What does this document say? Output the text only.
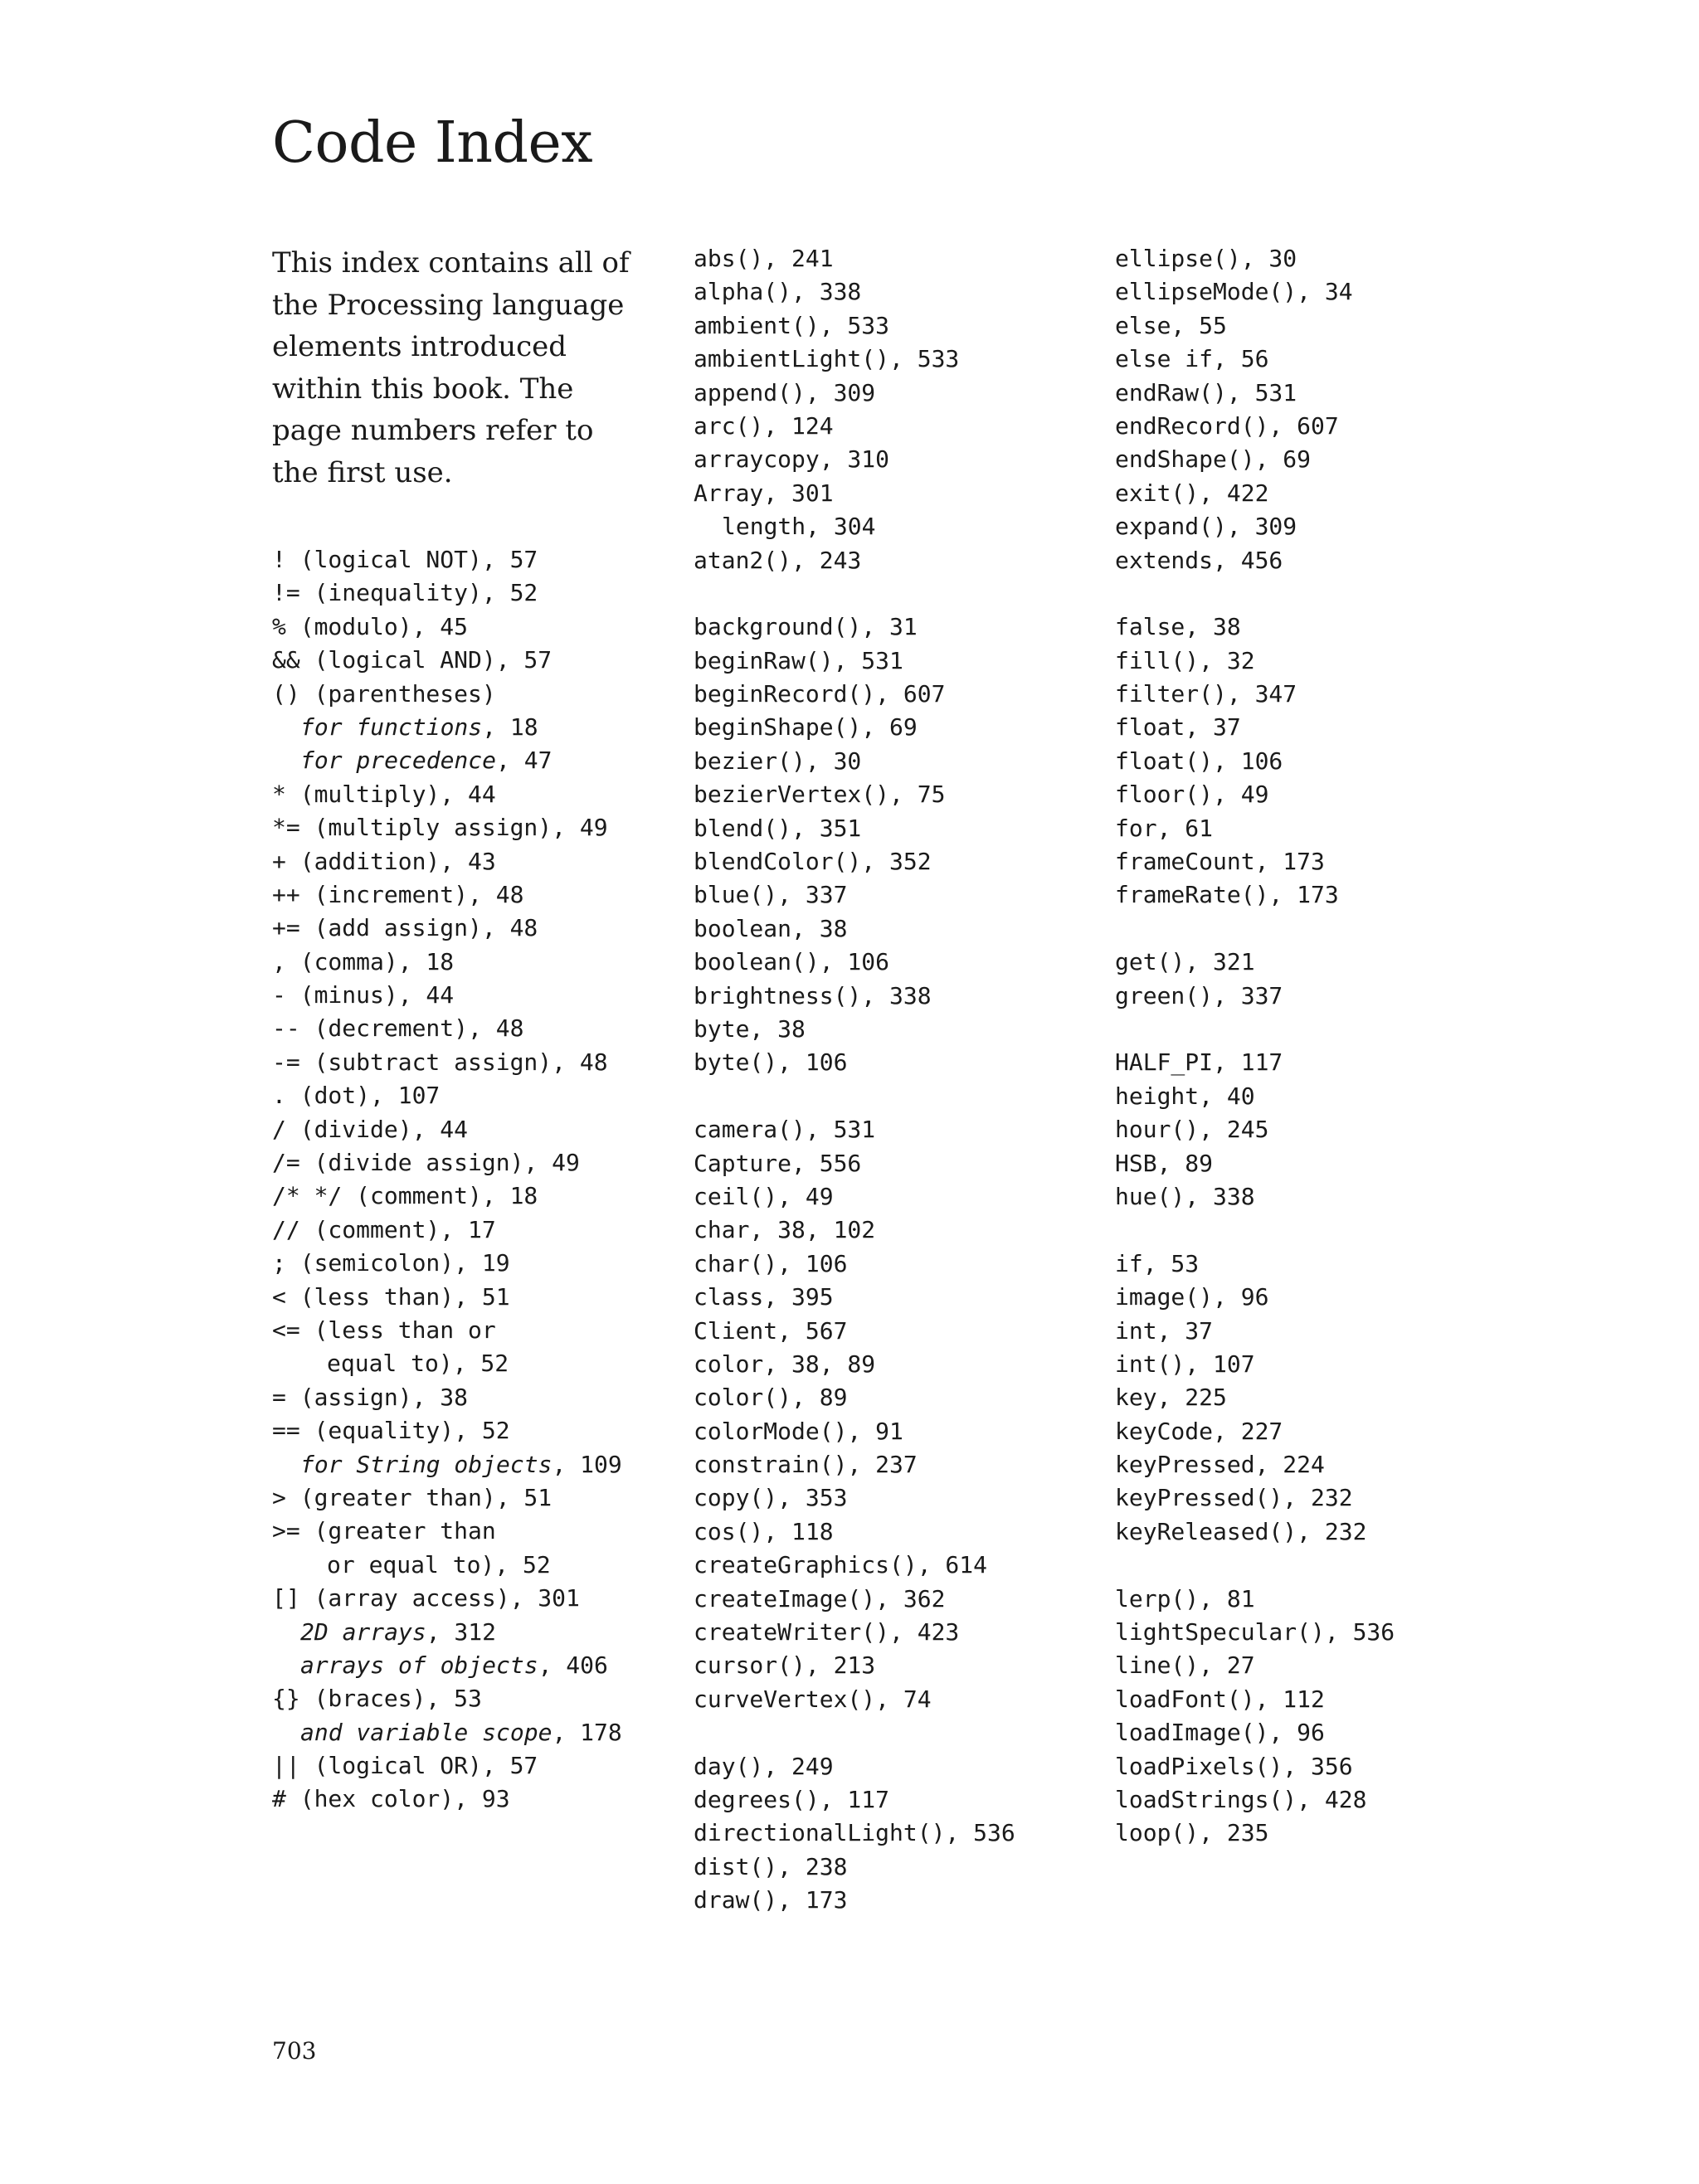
Code Index

This index contains all of the Processing language elements introduced within this book. The page numbers refer to the first use.

! (logical NOT), 57
!= (inequality), 52
% (modulo), 45
&& (logical AND), 57
() (parentheses)
for functions, 18
for precedence, 47
* (multiply), 44
*= (multiply assign), 49
+ (addition), 43
++ (increment), 48
+= (add assign), 48
, (comma), 18
- (minus), 44
-- (decrement), 48
-= (subtract assign), 48
. (dot), 107
/ (divide), 44
/= (divide assign), 49
/* */ (comment), 18
// (comment), 17
; (semicolon), 19
< (less than), 51
<= (less than or
equal to), 52
= (assign), 38
== (equality), 52
for String objects, 109
> (greater than), 51
>= (greater than
or equal to), 52
[] (array access), 301
2D arrays, 312
arrays of objects, 406
{} (braces), 53
and variable scope, 178
|| (logical OR), 57
# (hex color), 93
abs(), 241
alpha(), 338
ambient(), 533
ambientLight(), 533
append(), 309
arc(), 124
arraycopy, 310
Array, 301
length, 304
atan2(), 243
background(), 31
beginRaw(), 531
beginRecord(), 607
beginShape(), 69
bezier(), 30
bezierVertex(), 75
blend(), 351
blendColor(), 352
blue(), 337
boolean, 38
boolean(), 106
brightness(), 338
byte, 38
byte(), 106
camera(), 531
Capture, 556
ceil(), 49
char, 38, 102
char(), 106
class, 395
Client, 567
color, 38, 89
color(), 89
colorMode(), 91
constrain(), 237
copy(), 353
cos(), 118
createGraphics(), 614
createImage(), 362
createWriter(), 423
cursor(), 213
curveVertex(), 74
day(), 249
degrees(), 117
directionalLight(), 536
dist(), 238
draw(), 173
ellipse(), 30
ellipseMode(), 34
else, 55
else if, 56
endRaw(), 531
endRecord(), 607
endShape(), 69
exit(), 422
expand(), 309
extends, 456
false, 38
fill(), 32
filter(), 347
float, 37
float(), 106
floor(), 49
for, 61
frameCount, 173
frameRate(), 173
get(), 321
green(), 337
HALF_PI, 117
height, 40
hour(), 245
HSB, 89
hue(), 338
if, 53
image(), 96
int, 37
int(), 107
key, 225
keyCode, 227
keyPressed, 224
keyPressed(), 232
keyReleased(), 232
lerp(), 81
lightSpecular(), 536
line(), 27
loadFont(), 112
loadImage(), 96
loadPixels(), 356
loadStrings(), 428
loop(), 235
703
